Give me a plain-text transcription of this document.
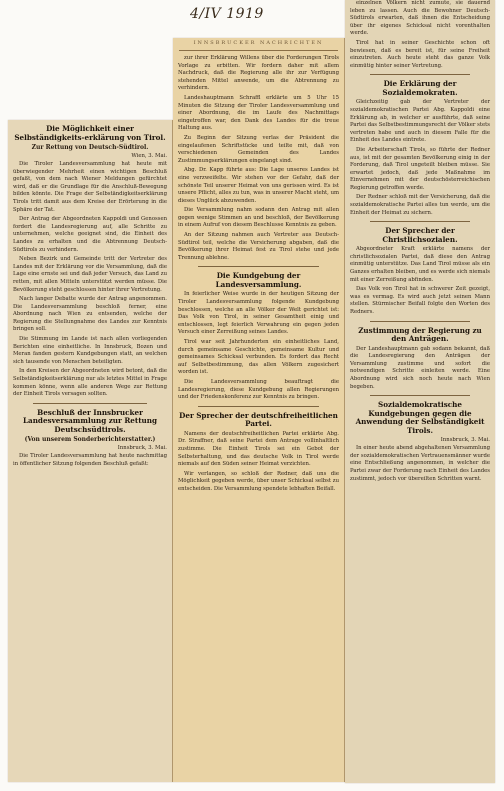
4/IV 1919

Die Möglichkeit einer Selbständigkeits-erklärung von Tirol.

Zur Rettung von Deutsch-Südtirol.

Wien, 3. Mai.

Die Tiroler Landesversammlung hat heute mit überwiegender Mehrheit einen wichtigen Beschluß gefaßt, von dem nach Wiener Meldungen gefürchtet wird, daß er die Grundlage für die Anschluß-Bewegung bilden könnte. Die Frage der Selbständigkeitserklärung Tirols tritt damit aus dem Kreise der Erörterung in die Sphäre der Tat.

Der Antrag der Abgeordneten Kappoldi und Genossen fordert die Landesregierung auf, alle Schritte zu unternehmen, welche geeignet sind, die Einheit des Landes zu erhalten und die Abtrennung Deutsch-Südtirols zu verhindern.

Neben Bezirk und Gemeinde tritt der Vertreter des Landes mit der Erklärung vor die Versammlung, daß die Lage eine ernste sei und daß jeder Versuch, das Land zu retten, mit allen Mitteln unterstützt werden müsse. Die Bevölkerung steht geschlossen hinter ihrer Vertretung.

Nach langer Debatte wurde der Antrag angenommen. Die Landesversammlung beschloß ferner, eine Abordnung nach Wien zu entsenden, welche der Regierung die Stellungnahme des Landes zur Kenntnis bringen soll.

Die Stimmung im Lande ist nach allen vorliegenden Berichten eine einheitliche. In Innsbruck, Bozen und Meran fanden gestern Kundgebungen statt, an welchen sich tausende von Menschen beteiligten.

In den Kreisen der Abgeordneten wird betont, daß die Selbständigkeitserklärung nur als letztes Mittel in Frage kommen könne, wenn alle anderen Wege zur Rettung der Einheit Tirols versagen sollten.

Beschluß der Innsbrucker Landesversammlung zur Rettung Deutschsüdtirols.

(Von unserem Sonderberichterstatter.)

Innsbruck, 3. Mai.

Die Tiroler Landesversammlung hat heute nachmittag in öffentlicher Sitzung folgenden Beschluß gefaßt:

INNSBRUCKER NACHRICHTEN

zur ihrer Erklärung Willens über die Forderungen Tirols Vorlage zu erbitten. Wir fordern daher mit allem Nachdruck, daß die Regierung alle ihr zur Verfügung stehenden Mittel anwende, um die Abtrennung zu verhindern.

Landeshauptmann Schraffl erklärte um 5 Uhr 15 Minuten die Sitzung der Tiroler Landesversammlung und einer Abordnung, die im Laufe des Nachmittags eingetroffen war, den Dank des Landes für die treue Haltung aus.

Zu Beginn der Sitzung verlas der Präsident die eingelaufenen Schriftstücke und teilte mit, daß von verschiedenen Gemeinden des Landes Zustimmungserklärungen eingelangt sind.

Abg. Dr. Kapp führte aus: Die Lage unseres Landes ist eine verzweifelte. Wir stehen vor der Gefahr, daß der schönste Teil unserer Heimat von uns gerissen wird. Es ist unsere Pflicht, alles zu tun, was in unserer Macht steht, um dieses Unglück abzuwenden.

Die Versammlung nahm sodann den Antrag mit allen gegen wenige Stimmen an und beschloß, der Bevölkerung in einem Aufruf von diesem Beschlusse Kenntnis zu geben.

An der Sitzung nahmen auch Vertreter aus Deutsch-Südtirol teil, welche die Versicherung abgaben, daß die Bevölkerung ihrer Heimat fest zu Tirol stehe und jede Trennung ablehne.

Die Kundgebung der Landesversammlung.

In feierlicher Weise wurde in der heutigen Sitzung der Tiroler Landesversammlung folgende Kundgebung beschlossen, welche an alle Völker der Welt gerichtet ist: Das Volk von Tirol, in seiner Gesamtheit einig und entschlossen, legt feierlich Verwahrung ein gegen jeden Versuch einer Zerreißung seines Landes.

Tirol war seit Jahrhunderten ein einheitliches Land, durch gemeinsame Geschichte, gemeinsame Kultur und gemeinsames Schicksal verbunden. Es fordert das Recht auf Selbstbestimmung, das allen Völkern zugesichert worden ist.

Die Landesversammlung beauftragt die Landesregierung, diese Kundgebung allen Regierungen und der Friedenskonferenz zur Kenntnis zu bringen.

Der Sprecher der deutschfreiheitlichen Partei.

Namens der deutschfreiheitlichen Partei erklärte Abg. Dr. Straffner, daß seine Partei dem Antrage vollinhaltlich zustimme. Die Einheit Tirols sei ein Gebot der Selbsterhaltung, und das deutsche Volk in Tirol werde niemals auf den Süden seiner Heimat verzichten.

Wir verlangen, so schloß der Redner, daß uns die Möglichkeit gegeben werde, über unser Schicksal selbst zu entscheiden. Die Versammlung spendete lebhaften Beifall.

einzelnen Völkern nicht zumute, sie dauernd leben zu lassen. Auch die Bewohner Deutsch-Südtirols erwarten, daß ihnen die Entscheidung über ihr eigenes Schicksal nicht vorenthalten werde.

Tirol hat in seiner Geschichte schon oft bewiesen, daß es bereit ist, für seine Freiheit einzutreten. Auch heute steht das ganze Volk einmütig hinter seiner Vertretung.

Die Erklärung der Sozialdemokraten.

Gleichzeitig gab der Vertreter der sozialdemokratischen Partei Abg. Kappoldi eine Erklärung ab, in welcher er ausführte, daß seine Partei das Selbstbestimmungsrecht der Völker stets vertreten habe und auch in diesem Falle für die Einheit des Landes eintrete.

Die Arbeiterschaft Tirols, so führte der Redner aus, ist mit der gesamten Bevölkerung einig in der Forderung, daß Tirol ungeteilt bleiben müsse. Sie erwartet jedoch, daß jede Maßnahme im Einvernehmen mit der deutschösterreichischen Regierung getroffen werde.

Der Redner schloß mit der Versicherung, daß die sozialdemokratische Partei alles tun werde, um die Einheit der Heimat zu sichern.

Der Sprecher der Christlichsozialen.

Abgeordneter Kraft erklärte namens der christlichsozialen Partei, daß diese den Antrag einmütig unterstütze. Das Land Tirol müsse als ein Ganzes erhalten bleiben, und es werde sich niemals mit einer Zerreißung abfinden.

Das Volk von Tirol hat in schwerer Zeit gezeigt, was es vermag. Es wird auch jetzt seinen Mann stellen. Stürmischer Beifall folgte den Worten des Redners.

Zustimmung der Regierung zu den Anträgen.

Der Landeshauptmann gab sodann bekannt, daß die Landesregierung den Anträgen der Versammlung zustimme und sofort die notwendigen Schritte einleiten werde. Eine Abordnung wird sich noch heute nach Wien begeben.

Sozialdemokratische Kundgebungen gegen die Anwendung der Selbständigkeit Tirols.

Innsbruck, 3. Mai.

In einer heute abend abgehaltenen Versammlung der sozialdemokratischen Vertrauensmänner wurde eine Entschließung angenommen, in welcher die Partei zwar der Forderung nach Einheit des Landes zustimmt, jedoch vor übereilten Schritten warnt.
